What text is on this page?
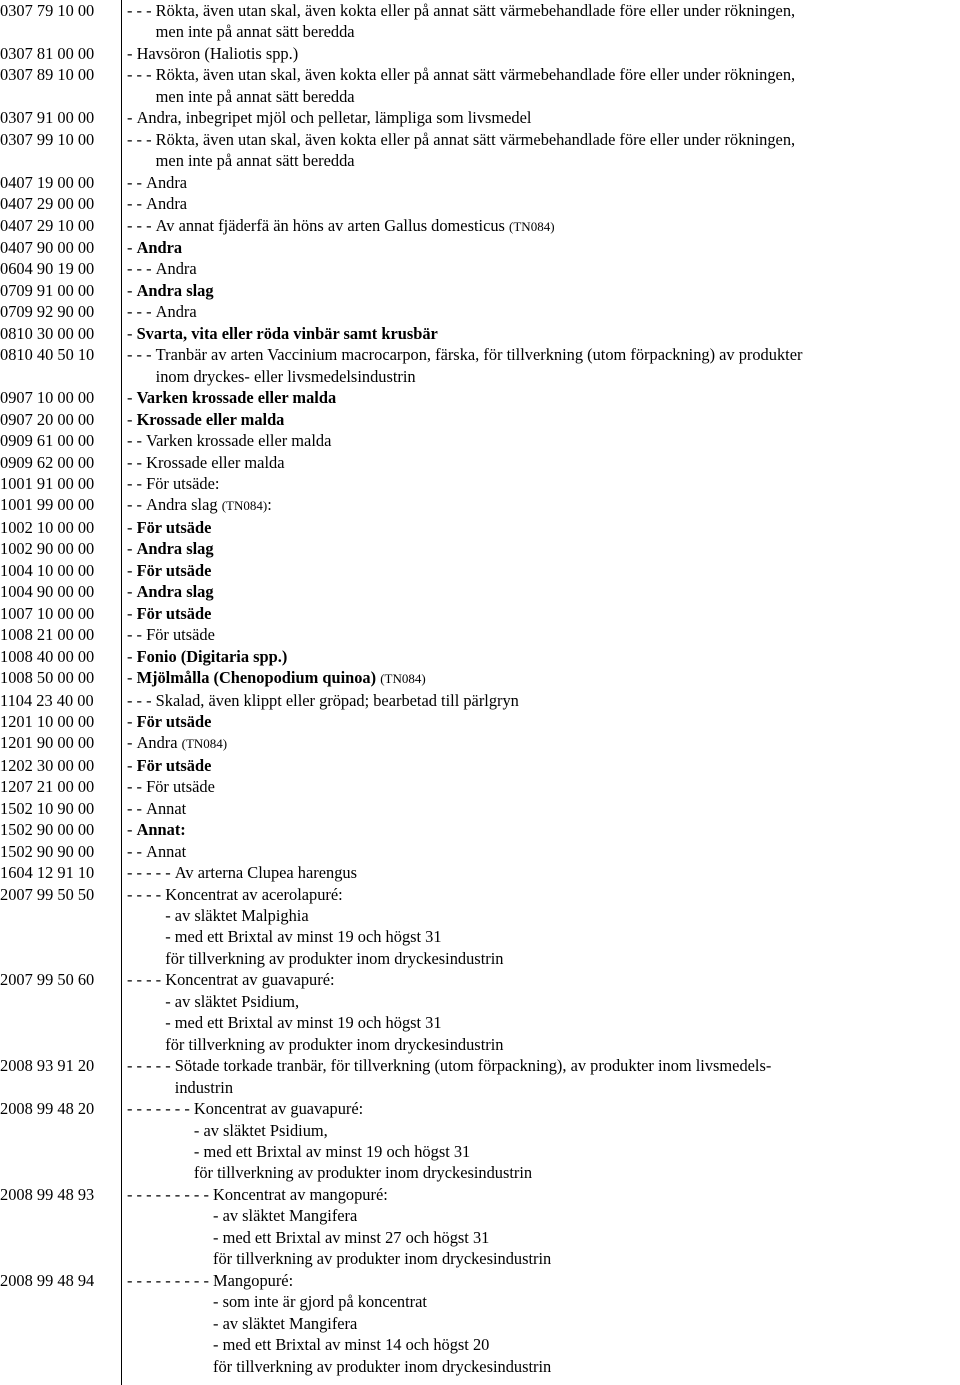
0307 79 10 00	- - - Rökta, även utan skal, även kokta eller på annat sätt värmebehandlade före eller under rökningen,
men inte på annat sätt beredda
0307 81 00 00	- Havsöron (Haliotis spp.)
0307 89 10 00	- - - Rökta, även utan skal, även kokta eller på annat sätt värmebehandlade före eller under rökningen,
men inte på annat sätt beredda
0307 91 00 00	- Andra, inbegripet mjöl och pelletar, lämpliga som livsmedel
0307 99 10 00	- - - Rökta, även utan skal, även kokta eller på annat sätt värmebehandlade före eller under rökningen,
men inte på annat sätt beredda
0407 19 00 00	- - Andra
0407 29 00 00	- - Andra
0407 29 10 00	- - - Av annat fjäderfä än höns av arten Gallus domesticus (TN084)
0407 90 00 00	- Andra
0604 90 19 00	- - - Andra
0709 91 00 00	- Andra slag
0709 92 90 00	- - - Andra
0810 30 00 00	- Svarta, vita eller röda vinbär samt krusbär
0810 40 50 10	- - - Tranbär av arten Vaccinium macrocarpon, färska, för tillverkning (utom förpackning) av produkter
inom dryckes- eller livsmedelsindustrin
0907 10 00 00	- Varken krossade eller malda
0907 20 00 00	- Krossade eller malda
0909 61 00 00	- - Varken krossade eller malda
0909 62 00 00	- - Krossade eller malda
1001 91 00 00	- - För utsäde:
1001 99 00 00	- - Andra slag (TN084):
1002 10 00 00	- För utsäde
1002 90 00 00	- Andra slag
1004 10 00 00	- För utsäde
1004 90 00 00	- Andra slag
1007 10 00 00	- För utsäde
1008 21 00 00	- - För utsäde
1008 40 00 00	- Fonio (Digitaria spp.)
1008 50 00 00	- Mjölmålla (Chenopodium quinoa) (TN084)
1104 23 40 00	- - - Skalad, även klippt eller gröpad; bearbetad till pärlgryn
1201 10 00 00	- För utsäde
1201 90 00 00	- Andra (TN084)
1202 30 00 00	- För utsäde
1207 21 00 00	- - För utsäde
1502 10 90 00	- - Annat
1502 90 00 00	- Annat:
1502 90 90 00	- - Annat
1604 12 91 10	- - - - - Av arterna Clupea harengus
2007 99 50 50	- - - - Koncentrat av acerolapuré:
- av släktet Malpighia
- med ett Brixtal av minst 19 och högst 31
för tillverkning av produkter inom dryckesindustrin
2007 99 50 60	- - - - Koncentrat av guavapuré:
- av släktet Psidium,
- med ett Brixtal av minst 19 och högst 31
för tillverkning av produkter inom dryckesindustrin
2008 93 91 20	- - - - - Sötade torkade tranbär, för tillverkning (utom förpackning), av produkter inom livsmedels-
industrin
2008 99 48 20	- - - - - - - Koncentrat av guavapuré:
- av släktet Psidium,
- med ett Brixtal av minst 19 och högst 31
för tillverkning av produkter inom dryckesindustrin
2008 99 48 93	- - - - - - - - - Koncentrat av mangopuré:
- av släktet Mangifera
- med ett Brixtal av minst 27 och högst 31
för tillverkning av produkter inom dryckesindustrin
2008 99 48 94	- - - - - - - - - Mangopuré:
- som inte är gjord på koncentrat
- av släktet Mangifera
- med ett Brixtal av minst 14 och högst 20
för tillverkning av produkter inom dryckesindustrin
